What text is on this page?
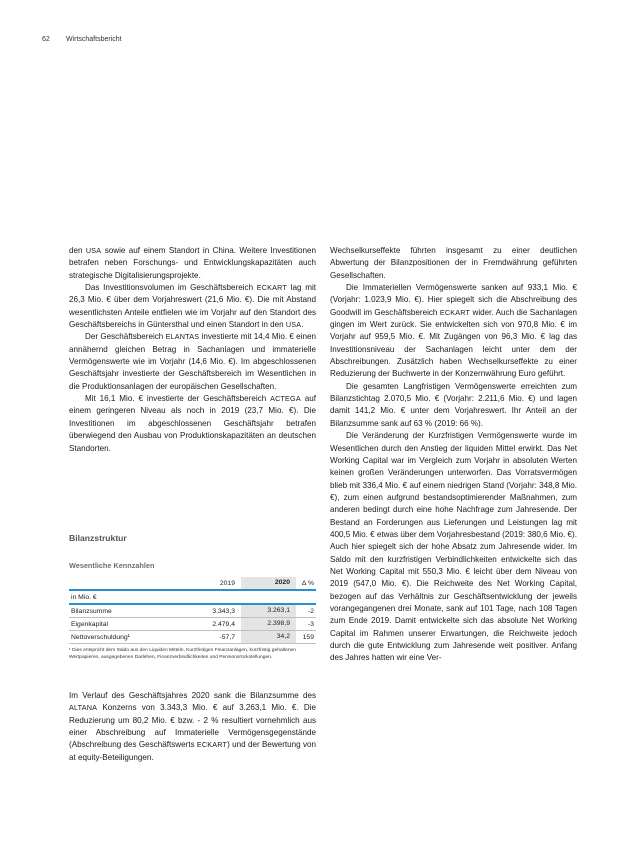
62 Wirtschaftsbericht

den USA sowie auf einem Standort in China. Weitere Investitionen betrafen neben Forschungs- und Entwicklungskapazitäten auch strategische Digitalisierungsprojekte.

Das Investitionsvolumen im Geschäftsbereich ECKART lag mit 26,3 Mio. € über dem Vorjahreswert (21,6 Mio. €). Die mit Abstand wesentlichsten Anteile entfielen wie im Vorjahr auf den Standort des Geschäftsbereichs in Güntersthal und einen Standort in den USA.

Der Geschäftsbereich ELANTAS investierte mit 14,4 Mio. € einen annähernd gleichen Betrag in Sachanlagen und immaterielle Vermögenswerte wie im Vorjahr (14,6 Mio. €). Im abgeschlossenen Geschäftsjahr investierte der Geschäftsbereich im Wesentlichen in die Produktionsanlagen der europäischen Gesellschaften.

Mit 16,1 Mio. € investierte der Geschäftsbereich ACTEGA auf einem geringeren Niveau als noch in 2019 (23,7 Mio. €). Die Investitionen im abgeschlossenen Geschäftsjahr betrafen überwiegend den Ausbau von Produktionskapazitäten an deutschen Standorten.

Bilanzstruktur
Wesentliche Kennzahlen
2019	2020	Δ %
in Mio. €
Bilanzsumme	3.343,3	3.263,1	-2
Eigenkapital	2.479,4	2.398,9	-3
Nettoverschuldung¹	-57,7	34,2	159
¹ Dies entspricht dem Saldo aus den Liquiden Mitteln, Kurzfristigen Finanzanlagen, kurzfristig gehaltenen Wertpapieren, ausgegebenen Darlehen, Finanzverbindlichkeiten und Pensionsrückstellungen.

Im Verlauf des Geschäftsjahres 2020 sank die Bilanzsumme des ALTANA Konzerns von 3.343,3 Mio. € auf 3.263,1 Mio. €. Die Reduzierung um 80,2 Mio. € bzw. - 2 % resultiert vornehmlich aus einer Abschreibung auf Immaterielle Vermögensgegenstände (Abschreibung des Geschäftswerts ECKART) und der Bewertung von at equity-Beteiligungen.

Wechselkurseffekte führten insgesamt zu einer deutlichen Abwertung der Bilanzpositionen der in Fremdwährung geführten Gesellschaften.

Die Immateriellen Vermögenswerte sanken auf 933,1 Mio. € (Vorjahr: 1.023,9 Mio. €). Hier spiegelt sich die Abschreibung des Goodwill im Geschäftsbereich ECKART wider. Auch die Sachanlagen gingen im Wert zurück. Sie entwickelten sich von 970,8 Mio. € im Vorjahr auf 959,5 Mio. €. Mit Zugängen von 96,3 Mio. € lag das Investitionsniveau der Sachanlagen leicht unter dem der Abschreibungen. Zusätzlich haben Wechselkurseffekte zu einer Reduzierung der Buchwerte in der Konzernwährung Euro geführt.

Die gesamten Langfristigen Vermögenswerte erreichten zum Bilanzstichtag 2.070,5 Mio. € (Vorjahr: 2.211,6 Mio. €) und lagen damit 141,2 Mio. € unter dem Vorjahreswert. Ihr Anteil an der Bilanzsumme sank auf 63 % (2019: 66 %).

Die Veränderung der Kurzfristigen Vermögenswerte wurde im Wesentlichen durch den Anstieg der liquiden Mittel erwirkt. Das Net Working Capital war im Vergleich zum Vorjahr in absoluten Werten keinen großen Veränderungen unterworfen. Das Vorratsvermögen blieb mit 336,4 Mio. € auf einem niedrigen Stand (Vorjahr: 348,8 Mio. €), zum einen aufgrund bestandsoptimierender Maßnahmen, zum anderen bedingt durch eine hohe Nachfrage zum Jahresende. Der Bestand an Forderungen aus Lieferungen und Leistungen lag mit 400,5 Mio. € etwas über dem Vorjahresbestand (2019: 380,6 Mio. €). Auch hier spiegelt sich der hohe Absatz zum Jahresende wider. Im Saldo mit den kurzfristigen Verbindlichkeiten entwickelte sich das Net Working Capital mit 550,3 Mio. € leicht über dem Niveau von 2019 (547,0 Mio. €). Die Reichweite des Net Working Capital, bezogen auf das Verhältnis zur Geschäftsentwicklung der jeweils vorangegangenen drei Monate, sank auf 101 Tage, nach 108 Tagen zum Ende 2019. Damit entwickelte sich das absolute Net Working Capital im Rahmen unserer Erwartungen, die Reichweite jedoch durch die gute Entwicklung zum Jahresende weit positiver. Anfang des Jahres hatten wir eine Ver-
